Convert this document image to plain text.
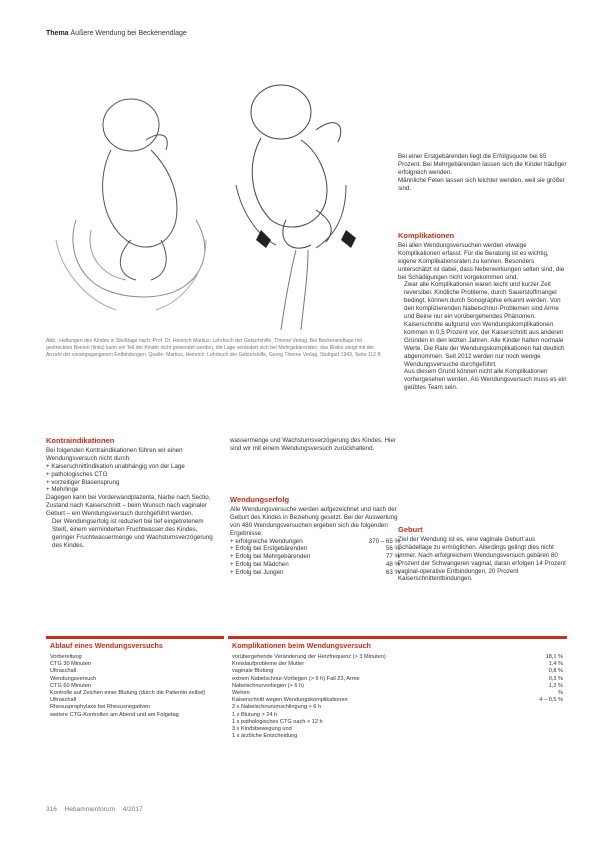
Thema Äußere Wendung bei Beckenendlage
Abb.: Haltungen des Kindes in Steißlage nach: Prof. Dr. Heinrich Martius: Lehrbuch der Geburtshilfe, Thieme Verlag. Bei Beckenendlage mit gestreckten Beinen (links) kann ein Teil der Kinder nicht gewendet werden, die Lage verändert sich bei Mehrgebärenden, das Risiko steigt mit der Anzahl der vorangegangenen Entbindungen. Quelle: Martius, Heinrich: Lehrbuch der Geburtshilfe, Georg Thieme Verlag, Stuttgart 1943, Seite 112 ff.

Bei einer Erstgebärenden liegt die Erfolgsquote bei 65 Prozent. Bei Mehrgebärenden lassen sich die Kinder häufiger erfolgreich wenden.

Männliche Feten lassen sich leichter wenden, weil sie größer sind.

Komplikationen

Bei allen Wendungsversuchen werden etwaige Komplikationen erfasst. Für die Beratung ist es wichtig, eigene Komplikationsraten zu kennen. Besonders unterschätzt ist dabei, dass Nebenwirkungen selten sind, die bei Schädigungen nicht vorgekommen sind.

Zwar alle Komplikationen waren leicht und kurzer Zeit reversibel. Kindliche Probleme, durch Sauerstoffmangel bedingt, können durch Sonographie erkannt werden. Von den komplizierenden Nabelschnur-Problemen sind Arme und Beine nur ein vorübergehendes Phänomen. Kaiserschnitte aufgrund von Wendungskomplikationen kommen in 0,5 Prozent vor, der Kaiserschnitt aus anderen Gründen in den letzten Jahren. Alle Kinder hatten normale Werte. Die Rate der Wendungskomplikationen hat deutlich abgenommen. Seit 2012 werden nur noch wenige Wendungsversuche durchgeführt.

Aus diesem Grund können nicht alle Komplikationen vorhergesehen werden. Als Wendungsversuch muss es ein geübtes Team sein.

Geburt

Ziel der Wendung ist es, eine vaginale Geburt aus Schädellage zu ermöglichen. Allerdings gelingt dies nicht immer. Nach erfolgreichem Wendungsversuch gebären 80 Prozent der Schwangeren vaginal, daran erfolgen 14 Prozent vaginal-operative Entbindungen, 20 Prozent Kaiserschnittentbindungen.

Kontraindikationen

Bei folgenden Kontraindikationen führen wir einen Wendungsversuch nicht durch:

+ Kaiserschnittindikation unabhängig von der Lage

+ pathologisches CTG

+ vorzeitiger Blasensprung

+ Mehrlinge

Dagegen kann bei Vorderwandplazenta, Narbe nach Sectio, Zustand nach Kaiserschnitt – beim Wunsch nach vaginaler Geburt – ein Wendungsversuch durchgeführt werden.

Der Wendungserfolg ist reduziert bei tief eingetretenem Steiß, einem verminderten Fruchtwasser des Kindes, geringer Fruchtwassermenge und Wachstumsverzögerung des Kindes.

wassermenge und Wachstumsverzögerung des Kindes. Hier sind wir mit einem Wendungsversuch zurückhaltend.

Wendungserfolg

Alle Wendungsversuche werden aufgezeichnet und nach der Geburt des Kindes in Beziehung gesetzt. Bei der Auswertung von 480 Wendungsversuchen ergeben sich die folgenden Ergebnisse:

+ erfolgreiche Wendungen	370 – 65 %
+ Erfolg bei Erstgebärenden	56 %
+ Erfolg bei Mehrgebärenden	77 %
+ Erfolg bei Mädchen	48 %
+ Erfolg bei Jungen	63 %
Ablauf eines Wendungsversuchs
Vorbereitung
CTG 30 Minuten
Ultraschall
Wendungsversuch
CTG 60 Minuten
Kontrolle auf Zeichen einer Blutung (durch die Patientin selbst)
Ultraschall
Rhesusprophylaxe bei Rhesusnegativen
weitere CTG-Kontrollen am Abend und am Folgetag
Komplikationen beim Wendungsversuch
vorübergehende Veränderung der Herzfrequenz (> 3 Minuten)	18,1 %
Kreislaufprobleme der Mutter	1,4 %
vaginale Blutung	0,8 %
extrem Nabelschnur-Vorliegen (> 6 h) Fall 23, Arme	0,3 %
Nabelschnurvorliegen (> 6 h)	1,2 %
Wehen	%
Kaiserschnitt wegen Wendungskomplikationen	4 – 0,5 %
2 x Nabelschnurumschlingung > 6 h
1 x Blutung > 24 h
1 x pathologisches CTG nach > 12 h
3 x Kindsbewegung und
1 x ärztliche Entscheidung
316 Hebammenforum 4/2017
